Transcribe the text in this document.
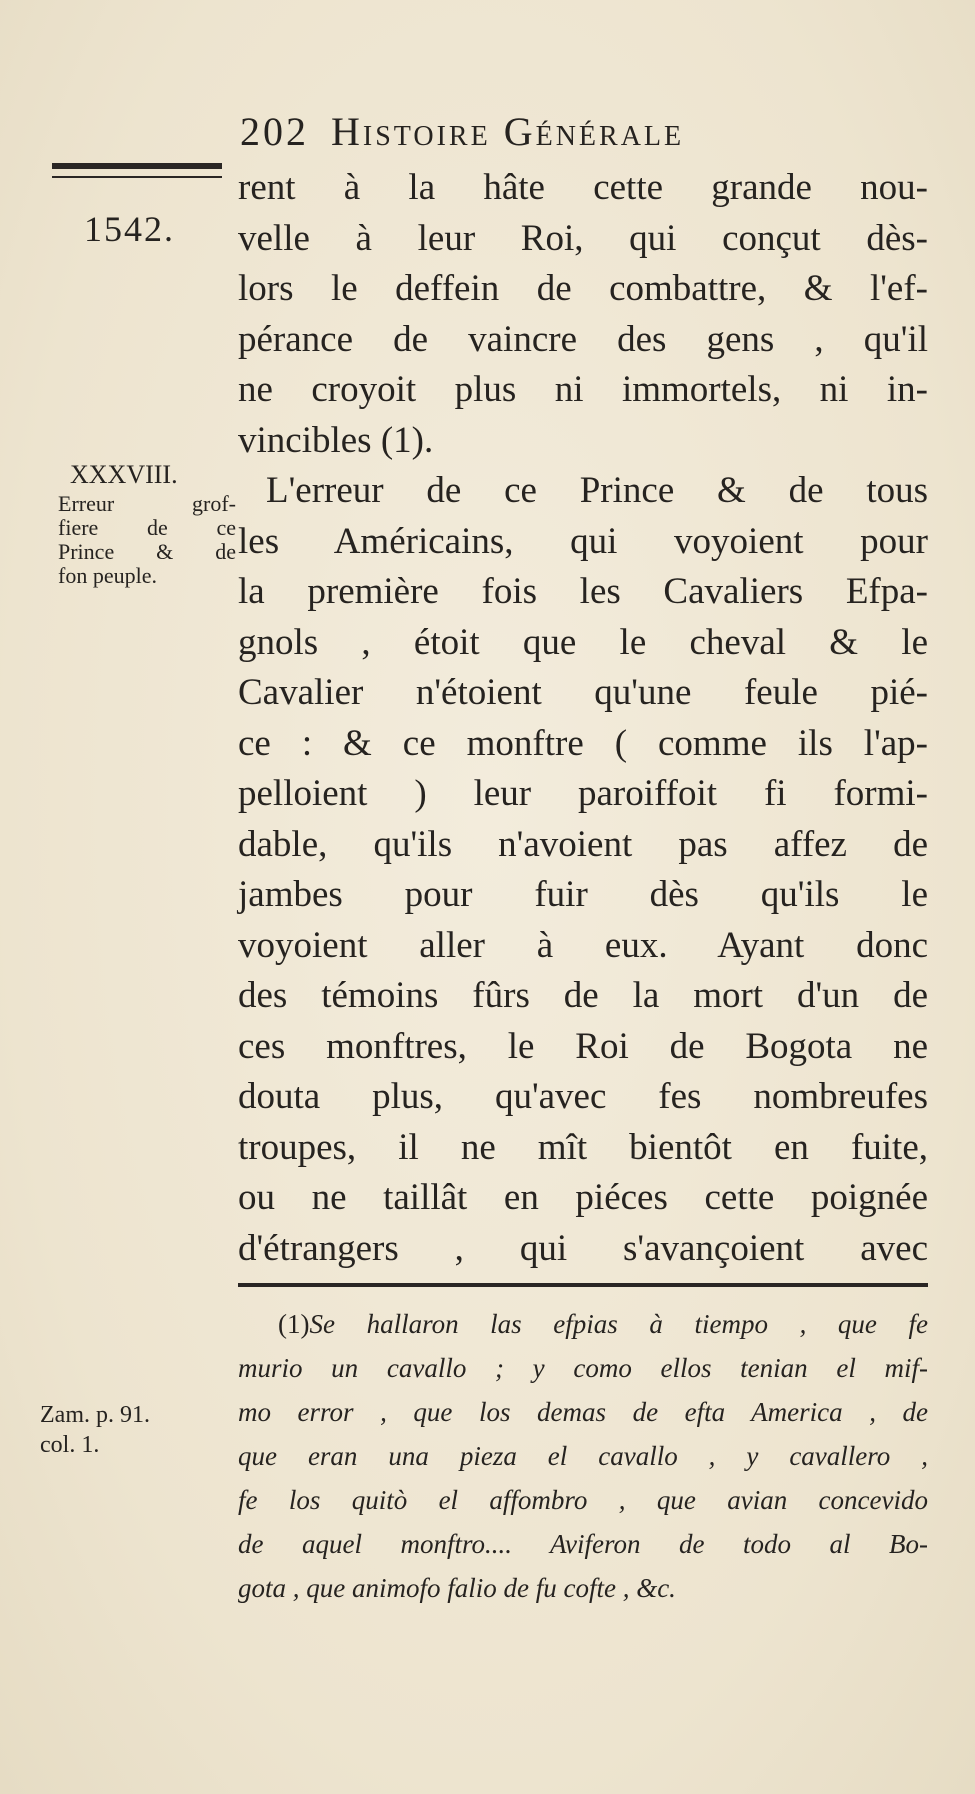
202 Histoire Générale
1542.
rent à la hâte cette grande nou-
velle à leur Roi, qui conçut dès-
lors le deffein de combattre, & l'ef-
pérance de vaincre des gens , qu'il
ne croyoit plus ni immortels, ni in-
vincibles (1).
L'erreur de ce Prince & de tous
les Américains, qui voyoient pour
la première fois les Cavaliers Efpa-
gnols , étoit que le cheval & le
Cavalier n'étoient qu'une feule pié-
ce : & ce monftre ( comme ils l'ap-
pelloient ) leur paroiffoit fi formi-
dable, qu'ils n'avoient pas affez de
jambes pour fuir dès qu'ils le
voyoient aller à eux. Ayant donc
des témoins fûrs de la mort d'un de
ces monftres, le Roi de Bogota ne
douta plus, qu'avec fes nombreufes
troupes, il ne mît bientôt en fuite,
ou ne taillât en piéces cette poignée
d'étrangers , qui s'avançoient avec
XXXVIII.
Erreur grof-
fiere de ce
Prince & de
fon peuple.
(1)Se hallaron las efpias à tiempo , que fe
murio un cavallo ; y como ellos tenian el mif-
mo error , que los demas de efta America , de
que eran una pieza el cavallo , y cavallero ,
fe los quitò el affombro , que avian concevido
de aquel monftro.... Aviferon de todo al Bo-
gota , que animofo falio de fu cofte , &c.
Zam. p. 91.
col. 1.
